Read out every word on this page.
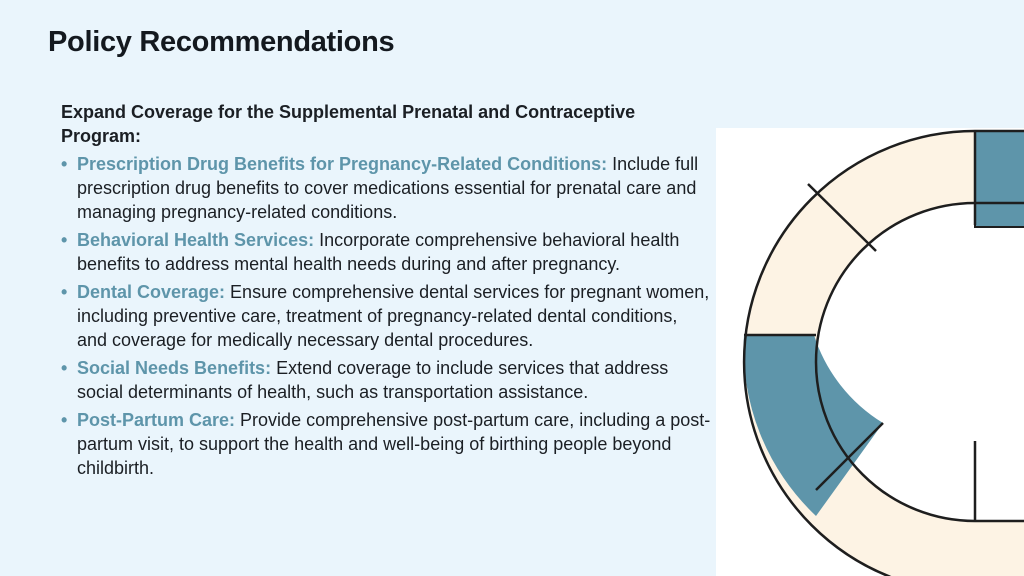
Policy Recommendations

Expand Coverage for the Supplemental Prenatal and Contraceptive Program:

• Prescription Drug Benefits for Pregnancy-Related Conditions: Include full prescription drug benefits to cover medications essential for prenatal care and managing pregnancy-related conditions.
• Behavioral Health Services: Incorporate comprehensive behavioral health benefits to address mental health needs during and after pregnancy.
• Dental Coverage: Ensure comprehensive dental services for pregnant women, including preventive care, treatment of pregnancy-related dental conditions, and coverage for medically necessary dental procedures.
• Social Needs Benefits: Extend coverage to include services that address social determinants of health, such as transportation assistance.
• Post-Partum Care: Provide comprehensive post-partum care, including a post-partum visit, to support the health and well-being of birthing people beyond childbirth.
